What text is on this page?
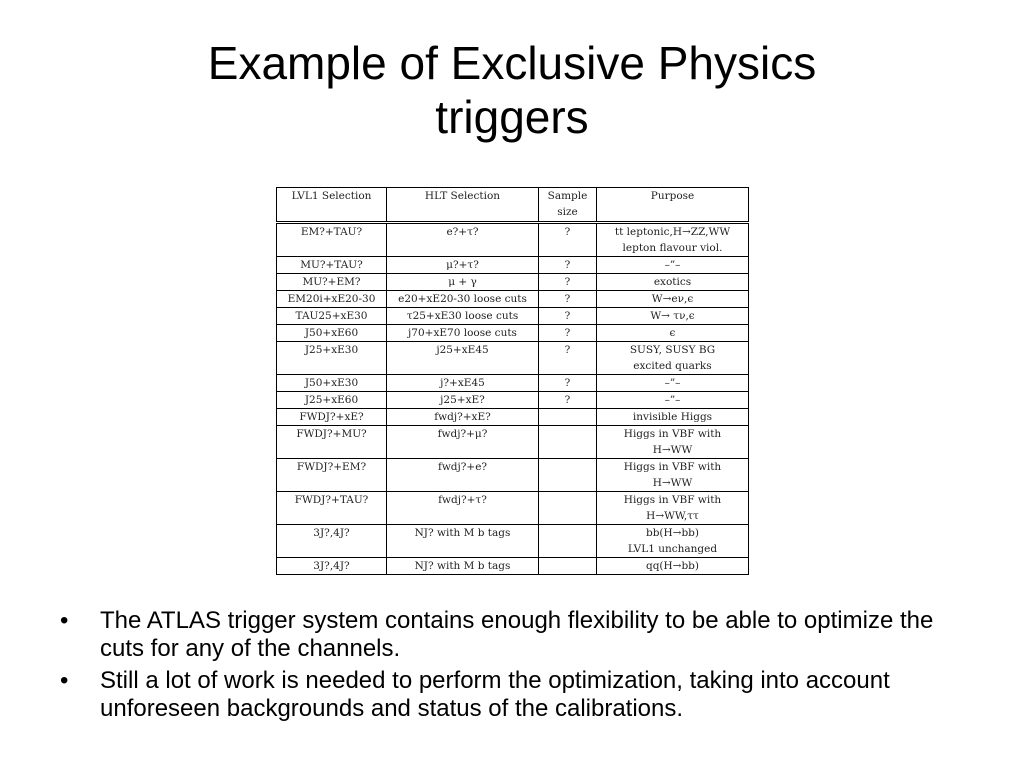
Example of Exclusive Physics
triggers
LVL1 Selection	HLT Selection	Sample size	Purpose
EM?+TAU?	e?+τ?	?	tt leptonic,H→ZZ,WW
lepton flavour viol.

MU?+TAU?	μ?+τ?	?	–”–

MU?+EM?	μ + γ	?	exotics

EM20i+xE20-30	e20+xE20-30 loose cuts	?	W→eν,ϵ

TAU25+xE30	τ25+xE30 loose cuts	?	W→ τν,ϵ

J50+xE60	j70+xE70 loose cuts	?	ϵ

J25+xE30	j25+xE45	?	SUSY, SUSY BG
excited quarks

J50+xE30	j?+xE45	?	–”–

J25+xE60	j25+xE?	?	–”–

FWDJ?+xE?	fwdj?+xE?		invisible Higgs

FWDJ?+MU?	fwdj?+μ?		Higgs in VBF with
H→WW

FWDJ?+EM?	fwdj?+e?		Higgs in VBF with
H→WW

FWDJ?+TAU?	fwdj?+τ?		Higgs in VBF with
H→WW,ττ

3J?,4J?	NJ? with M b tags		bb(H→bb)
LVL1 unchanged

3J?,4J?	NJ? with M b tags		qq(H→bb)
•	The ATLAS trigger system contains enough flexibility to be able to optimize the cuts for any of the channels.
•	Still a lot of work is needed to perform the optimization, taking into account unforeseen backgrounds and status of the calibrations.
